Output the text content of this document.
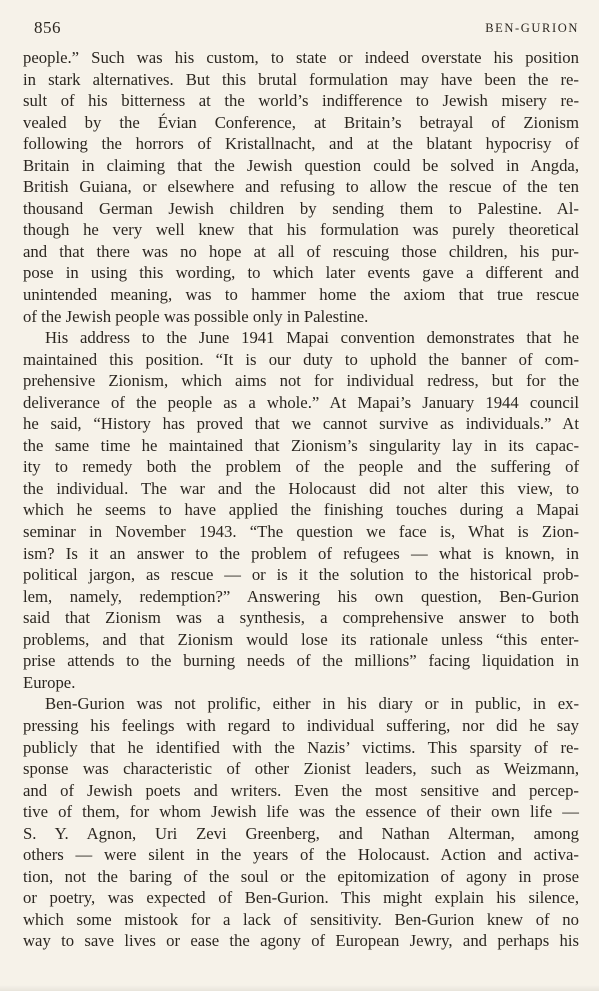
856	BEN-GURION
people.” Such was his custom, to state or indeed overstate his position
in stark alternatives. But this brutal formulation may have been the re-
sult of his bitterness at the world’s indifference to Jewish misery re-
vealed by the Évian Conference, at Britain’s betrayal of Zionism
following the horrors of Kristallnacht, and at the blatant hypocrisy of
Britain in claiming that the Jewish question could be solved in Angda,
British Guiana, or elsewhere and refusing to allow the rescue of the ten
thousand German Jewish children by sending them to Palestine. Al-
though he very well knew that his formulation was purely theoretical
and that there was no hope at all of rescuing those children, his pur-
pose in using this wording, to which later events gave a different and
unintended meaning, was to hammer home the axiom that true rescue
of the Jewish people was possible only in Palestine.
His address to the June 1941 Mapai convention demonstrates that he
maintained this position. “It is our duty to uphold the banner of com-
prehensive Zionism, which aims not for individual redress, but for the
deliverance of the people as a whole.” At Mapai’s January 1944 council
he said, “History has proved that we cannot survive as individuals.” At
the same time he maintained that Zionism’s singularity lay in its capac-
ity to remedy both the problem of the people and the suffering of
the individual. The war and the Holocaust did not alter this view, to
which he seems to have applied the finishing touches during a Mapai
seminar in November 1943. “The question we face is, What is Zion-
ism? Is it an answer to the problem of refugees — what is known, in
political jargon, as rescue — or is it the solution to the historical prob-
lem, namely, redemption?” Answering his own question, Ben-Gurion
said that Zionism was a synthesis, a comprehensive answer to both
problems, and that Zionism would lose its rationale unless “this enter-
prise attends to the burning needs of the millions” facing liquidation in
Europe.
Ben-Gurion was not prolific, either in his diary or in public, in ex-
pressing his feelings with regard to individual suffering, nor did he say
publicly that he identified with the Nazis’ victims. This sparsity of re-
sponse was characteristic of other Zionist leaders, such as Weizmann,
and of Jewish poets and writers. Even the most sensitive and percep-
tive of them, for whom Jewish life was the essence of their own life —
S. Y. Agnon, Uri Zevi Greenberg, and Nathan Alterman, among
others — were silent in the years of the Holocaust. Action and activa-
tion, not the baring of the soul or the epitomization of agony in prose
or poetry, was expected of Ben-Gurion. This might explain his silence,
which some mistook for a lack of sensitivity. Ben-Gurion knew of no
way to save lives or ease the agony of European Jewry, and perhaps his
